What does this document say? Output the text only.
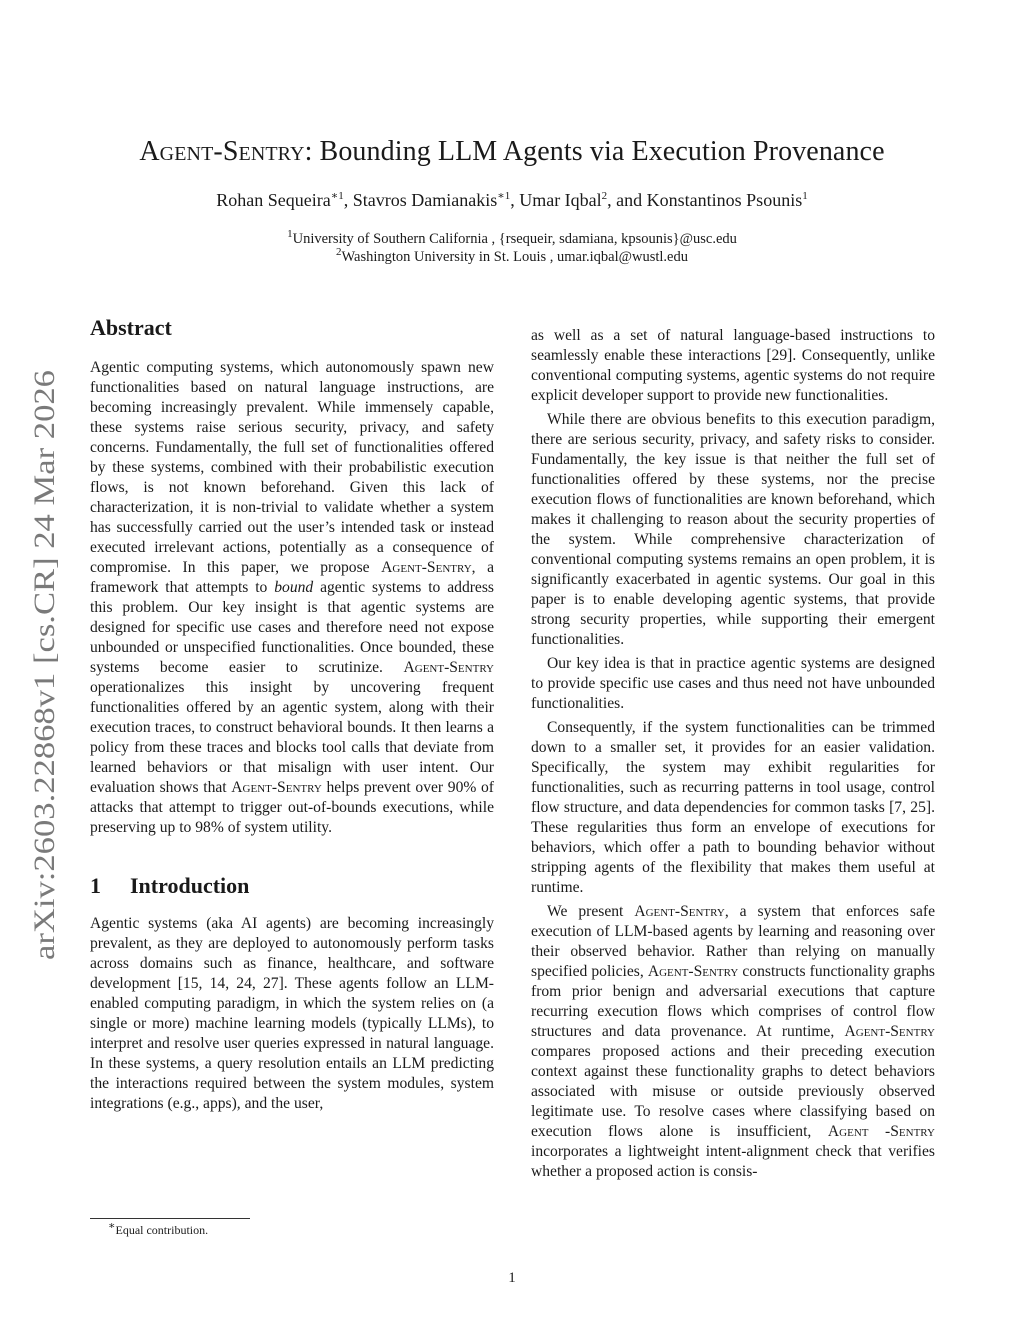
arXiv:2603.22868v1 [cs.CR] 24 Mar 2026
Agent-Sentry: Bounding LLM Agents via Execution Provenance
Rohan Sequeira$^{∗1}$, Stavros Damianakis$^{∗1}$, Umar Iqbal$^2$, and Konstantinos Psounis$^1$
$^1$University of Southern California , {rsequeir, sdamiana, kpsounis}@usc.edu
$^2$Washington University in St. Louis , umar.iqbal@wustl.edu
Abstract

Agentic computing systems, which autonomously spawn new functionalities based on natural language instructions, are becoming increasingly prevalent. While immensely capable, these systems raise serious security, privacy, and safety concerns. Fundamentally, the full set of functionalities offered by these systems, combined with their probabilistic execution flows, is not known beforehand. Given this lack of characterization, it is non-trivial to validate whether a system has successfully carried out the user’s intended task or instead executed irrelevant actions, potentially as a consequence of compromise. In this paper, we propose Agent-Sentry, a framework that attempts to bound agentic systems to address this problem. Our key insight is that agentic systems are designed for specific use cases and therefore need not expose unbounded or unspecified functionalities. Once bounded, these systems become easier to scrutinize. Agent-Sentry operationalizes this insight by uncovering frequent functionalities offered by an agentic system, along with their execution traces, to construct behavioral bounds. It then learns a policy from these traces and blocks tool calls that deviate from learned behaviors or that misalign with user intent. Our evaluation shows that Agent-Sentry helps prevent over 90% of attacks that attempt to trigger out-of-bounds executions, while preserving up to 98% of system utility.

1 Introduction

Agentic systems (aka AI agents) are becoming increasingly prevalent, as they are deployed to autonomously perform tasks across domains such as finance, healthcare, and software development [15, 14, 24, 27]. These agents follow an LLM-enabled computing paradigm, in which the system relies on (a single or more) machine learning models (typically LLMs), to interpret and resolve user queries expressed in natural language. In these systems, a query resolution entails an LLM predicting the interactions required between the system modules, system integrations (e.g., apps), and the user,

as well as a set of natural language-based instructions to seamlessly enable these interactions [29]. Consequently, unlike conventional computing systems, agentic systems do not require explicit developer support to provide new functionalities.

While there are obvious benefits to this execution paradigm, there are serious security, privacy, and safety risks to consider. Fundamentally, the key issue is that neither the full set of functionalities offered by these systems, nor the precise execution flows of functionalities are known beforehand, which makes it challenging to reason about the security properties of the system. While comprehensive characterization of conventional computing systems remains an open problem, it is significantly exacerbated in agentic systems. Our goal in this paper is to enable developing agentic systems, that provide strong security properties, while supporting their emergent functionalities.

Our key idea is that in practice agentic systems are designed to provide specific use cases and thus need not have unbounded functionalities.

Consequently, if the system functionalities can be trimmed down to a smaller set, it provides for an easier validation. Specifically, the system may exhibit regularities for functionalities, such as recurring patterns in tool usage, control flow structure, and data dependencies for common tasks [7, 25]. These regularities thus form an envelope of executions for behaviors, which offer a path to bounding behavior without stripping agents of the flexibility that makes them useful at runtime.

We present Agent-Sentry, a system that enforces safe execution of LLM-based agents by learning and reasoning over their observed behavior. Rather than relying on manually specified policies, Agent-Sentry constructs functionality graphs from prior benign and adversarial executions that capture recurring execution flows which comprises of control flow structures and data provenance. At runtime, Agent-Sentry compares proposed actions and their preceding execution context against these functionality graphs to detect behaviors associated with misuse or outside previously observed legitimate use. To resolve cases where classifying based on execution flows alone is insufficient, Agent -Sentry incorporates a lightweight intent-alignment check that verifies whether a proposed action is consis-

∗Equal contribution.
1
